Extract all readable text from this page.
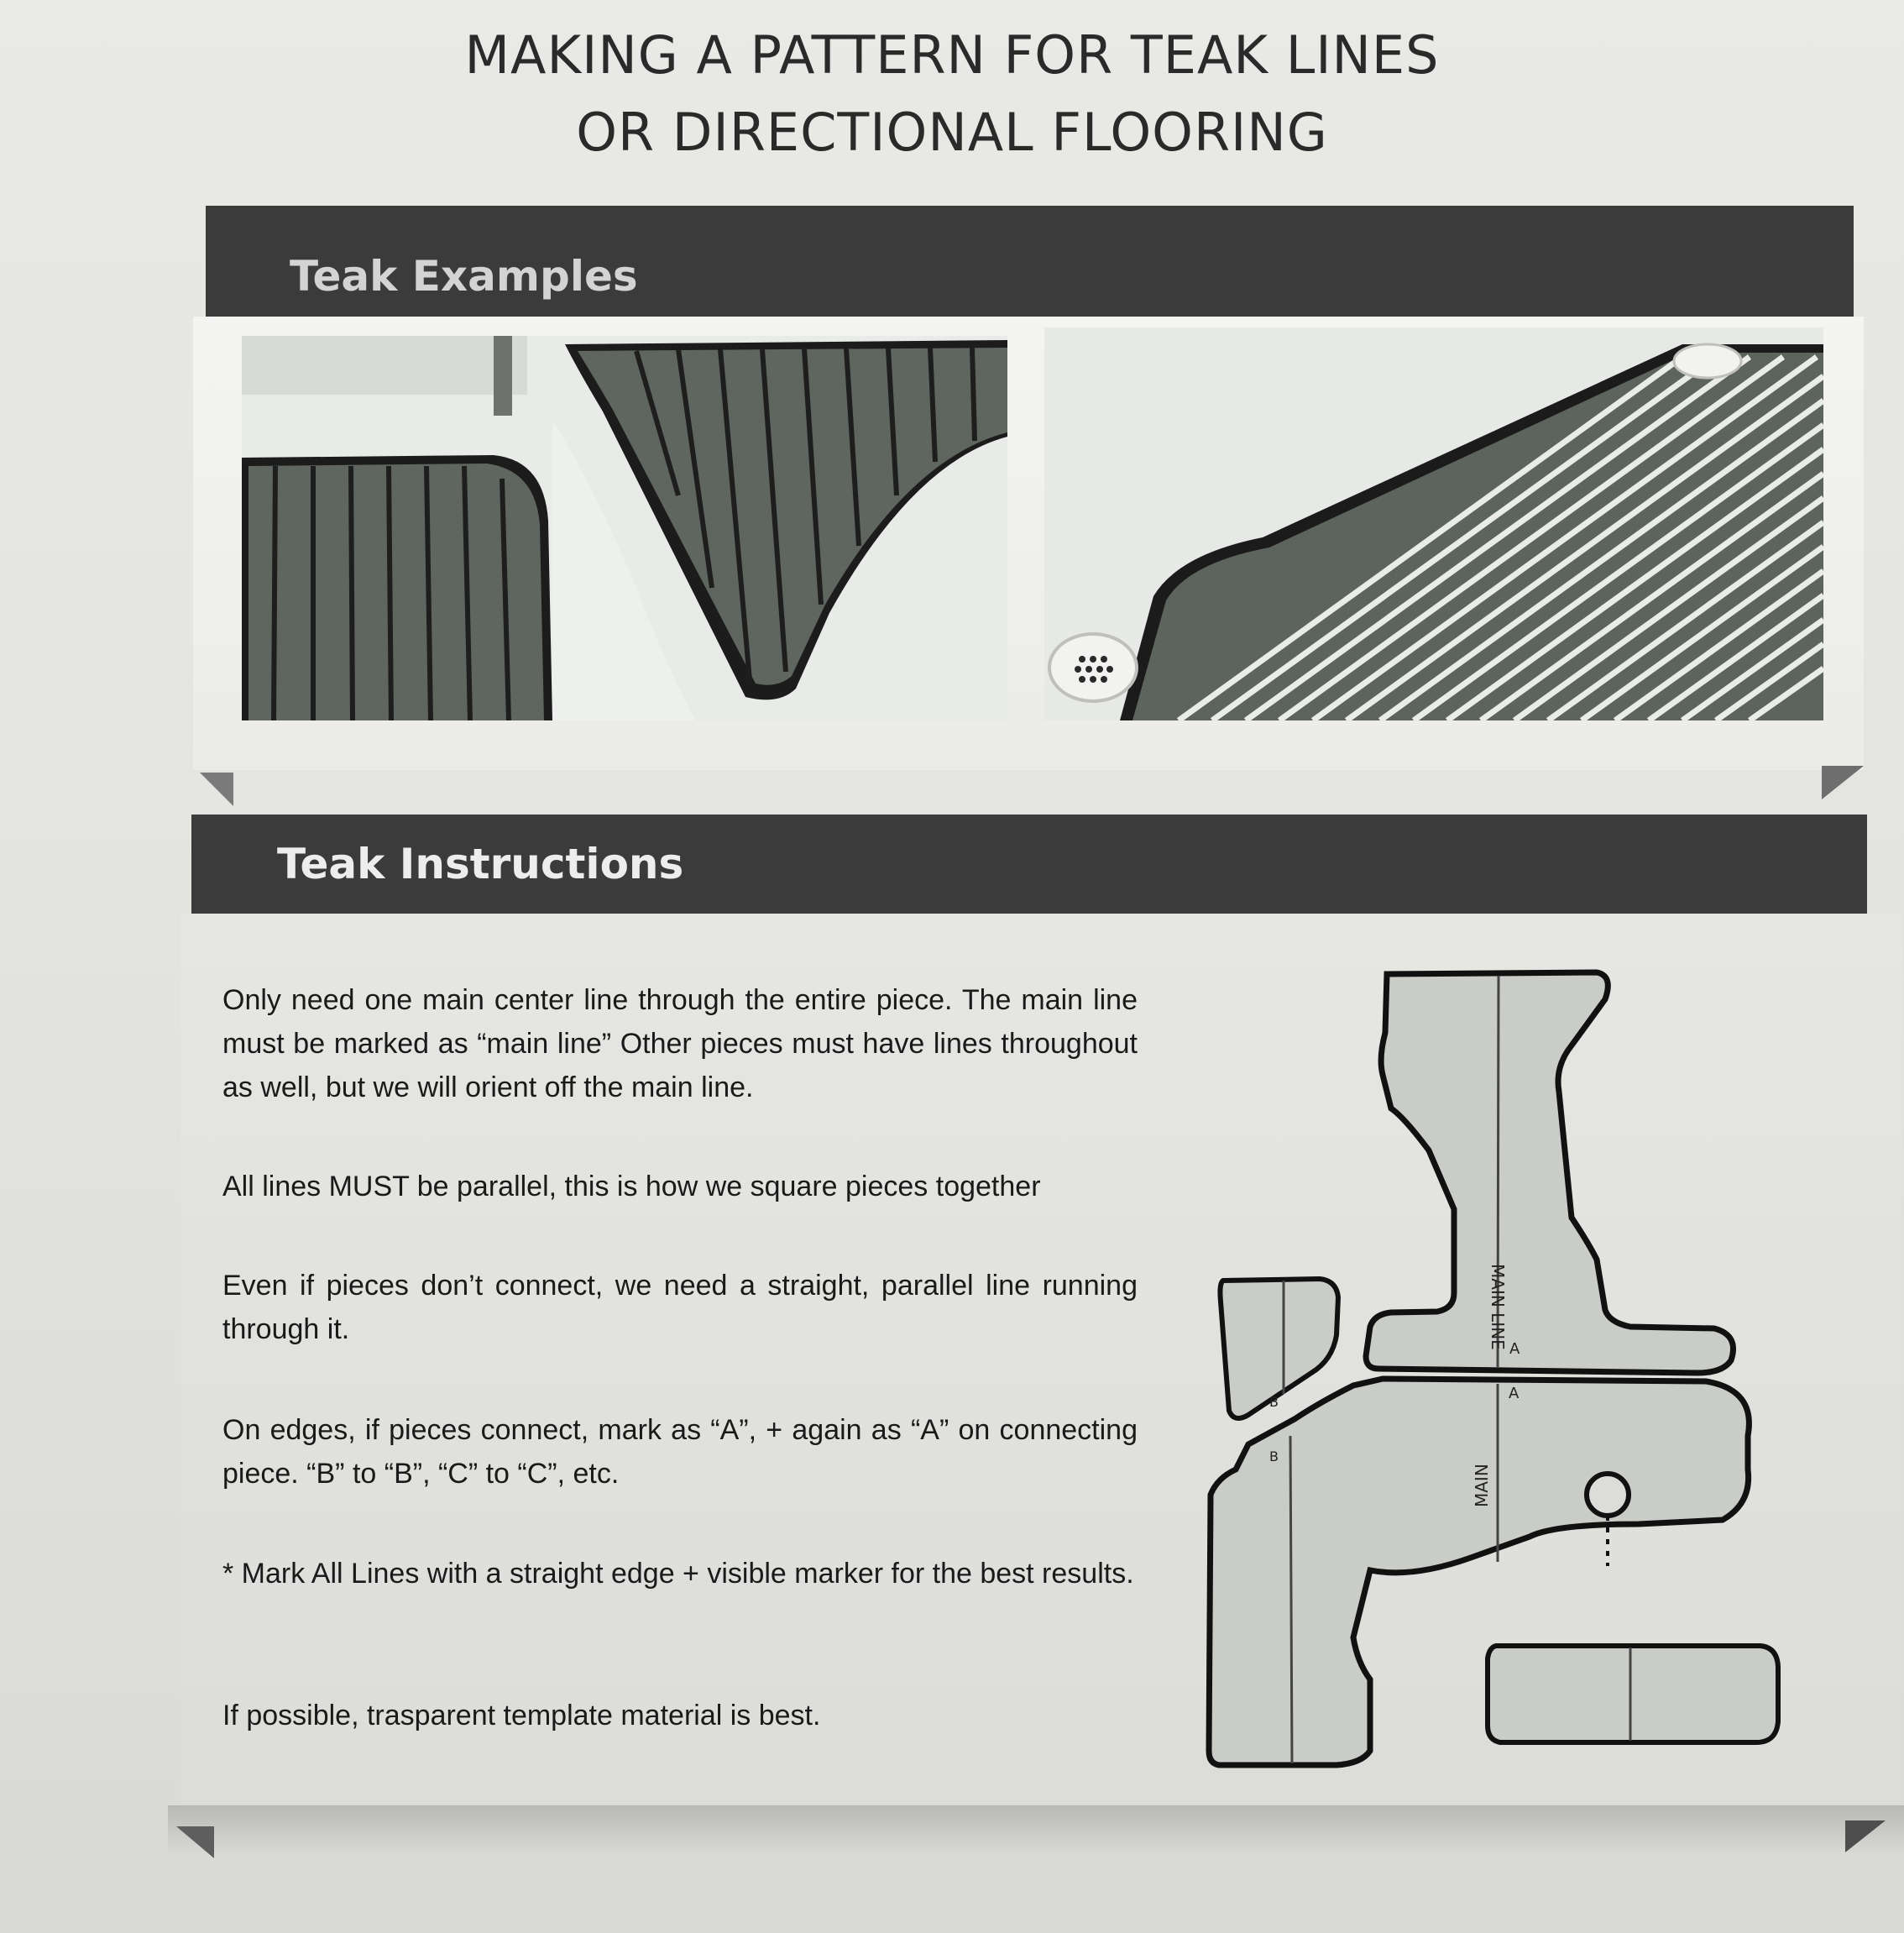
MAKING A PATTERN FOR TEAK LINES
OR DIRECTIONAL FLOORING
Teak Examples
Teak Instructions

Only need one main center line through the entire piece. The main line must be marked as “main line” Other pieces must have lines throughout as well, but we will orient off the main line.

All lines MUST be parallel, this is how we square pieces together

Even if pieces don’t connect, we need a straight, parallel line running through it.

On edges, if pieces connect, mark as “A”, + again as “A” on connecting piece. “B” to “B”, “C” to “C”, etc.

* Mark All Lines with a straight edge + visible marker for the best results.

If possible, trasparent template material is best.

MAIN LINE A
B	A
B
MAIN
